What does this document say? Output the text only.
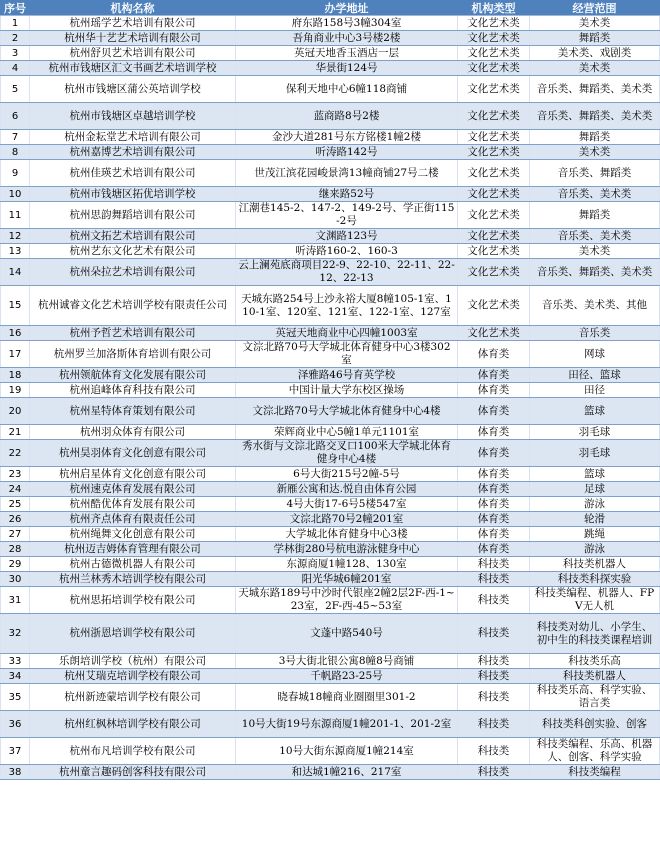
序号	机构名称	办学地址	机构类型	经营范围
1	杭州瑶学艺术培训有限公司	府东路158号3幢304室	文化艺术类	美术类
2	杭州华十艺艺术培训有限公司	吾角商业中心3号楼2楼	文化艺术类	舞蹈类
3	杭州舒贝艺术培训有限公司	英冠天地香玉酒店一层	文化艺术类	美术类、戏剧类
4	杭州市钱塘区汇文书画艺术培训学校	华景街124号	文化艺术类	美术类
5	杭州市钱塘区蒲公英培训学校	保利天地中心6幢118商铺	文化艺术类	音乐类、舞蹈类、美术类
6	杭州市钱塘区卓越培训学校	蓝商路8号2楼	文化艺术类	音乐类、舞蹈类、美术类
7	杭州金耘堂艺术培训有限公司	金沙大道281号东方铭楼1幢2楼	文化艺术类	舞蹈类
8	杭州嘉博艺术培训有限公司	听涛路142号	文化艺术类	美术类
9	杭州佳瑛艺术培训有限公司	世茂江滨花园峻景湾13幢商铺27号二楼	文化艺术类	音乐类、舞蹈类
10	杭州市钱塘区拓优培训学校	继来路52号	文化艺术类	音乐类、美术类
11	杭州思韵舞蹈培训有限公司	江潮巷145-2、147-2、149-2号、学正街115-2号	文化艺术类	舞蹈类
12	杭州文拓艺术培训有限公司	文渊路123号	文化艺术类	音乐类、美术类
13	杭州艺东文化艺术有限公司	听涛路160-2、160-3	文化艺术类	美术类
14	杭州朵拉艺术培训有限公司	云上澜苑底商项目22-9、22-10、22-11、22-12、22-13	文化艺术类	音乐类、舞蹈类、美术类
15	杭州诚睿文化艺术培训学校有限责任公司	天城东路254号上沙永裕大厦8幢105-1室、110-1室、120室、121室、122-1室、127室	文化艺术类	音乐类、美术类、其他
16	杭州予哲艺术培训有限公司	英冠天地商业中心四幢1003室	文化艺术类	音乐类
17	杭州罗兰加洛斯体育培训有限公司	文淙北路70号大学城北体育健身中心3楼302室	体育类	网球
18	杭州领航体育文化发展有限公司	泽雅路46号育英学校	体育类	田径、篮球
19	杭州追峰体育科技有限公司	中国计量大学东校区操场	体育类	田径
20	杭州星特体育策划有限公司	文淙北路70号大学城北体育健身中心4楼	体育类	篮球
21	杭州羽众体育有限公司	荣辉商业中心5幢1单元1101室	体育类	羽毛球
22	杭州昊羽体育文化创意有限公司	秀水街与文淙北路交叉口100米大学城北体育健身中心4楼	体育类	羽毛球
23	杭州启星体育文化创意有限公司	6号大街215号2幢-5号	体育类	篮球
24	杭州速克体育发展有限公司	新雁公寓和达.悦自由体育公园	体育类	足球
25	杭州酷优体育发展有限公司	4号大街17-6号5楼547室	体育类	游泳
26	杭州齐点体育有限责任公司	文淙北路70号2幢201室	体育类	轮滑
27	杭州绳舞文化创意有限公司	大学城北体育健身中心3楼	体育类	跳绳
28	杭州迈吉姆体育管理有限公司	学林街280号杭电游泳健身中心	体育类	游泳
29	杭州古德微机器人有限公司	东源商厦1幢128、130室	科技类	科技类机器人
30	杭州兰林秀木培训学校有限公司	阳光华城6幢201室	科技类	科技类科探实验
31	杭州思拓培训学校有限公司	天城东路189号中沙时代银座2幢2层2F-西-1~23室，2F-西-45~53室	科技类	科技类编程、机器人、FPV无人机
32	杭州浙恩培训学校有限公司	文蓬中路540号	科技类	科技类对幼儿、小学生、初中生的科技类课程培训
33	乐朗培训学校（杭州）有限公司	3号大街北银公寓8幢8号商铺	科技类	科技类乐高
34	杭州艾瑞克培训学校有限公司	千帆路23-25号	科技类	科技类机器人
35	杭州新迹蒙培训学校有限公司	晓春城18幢商业圈圈里301-2	科技类	科技类乐高、科学实验、语言类
36	杭州红枫林培训学校有限公司	10号大街19号东源商厦1幢201-1、201-2室	科技类	科技类科创实验、创客
37	杭州布凡培训学校有限公司	10号大街东源商厦1幢214室	科技类	科技类编程、乐高、机器人、创客、科学实验
38	杭州童言趣码创客科技有限公司	和达城1幢216、217室	科技类	科技类编程
